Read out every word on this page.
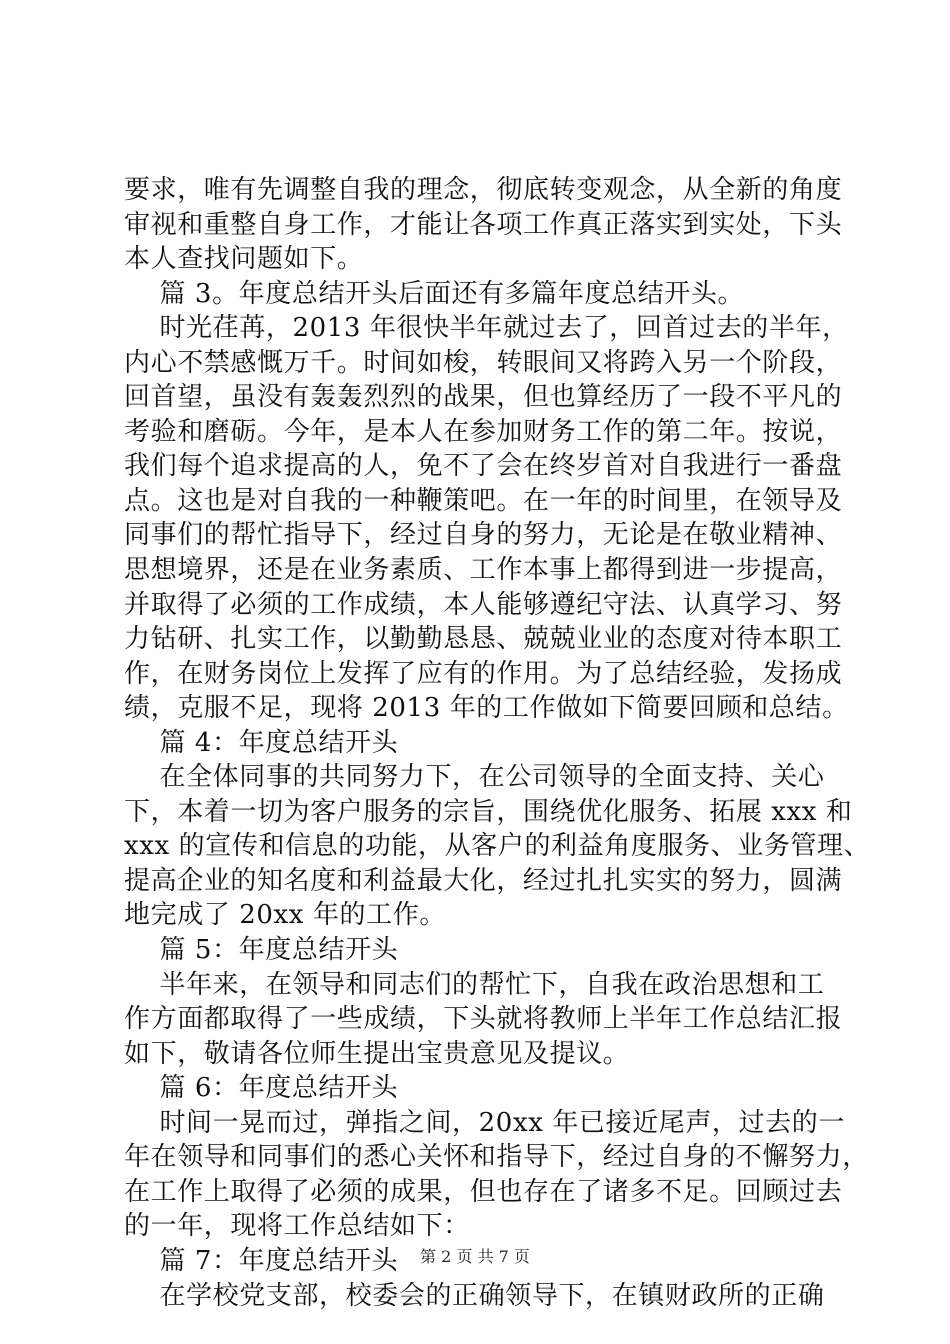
要求，唯有先调整自我的理念，彻底转变观念，从全新的角度
审视和重整自身工作，才能让各项工作真正落实到实处，下头
本人查找问题如下。
篇 3。年度总结开头后面还有多篇年度总结开头。
时光荏苒，2013 年很快半年就过去了，回首过去的半年，
内心不禁感慨万千。时间如梭，转眼间又将跨入另一个阶段，
回首望，虽没有轰轰烈烈的战果，但也算经历了一段不平凡的
考验和磨砺。今年，是本人在参加财务工作的第二年。按说，
我们每个追求提高的人，免不了会在终岁首对自我进行一番盘
点。这也是对自我的一种鞭策吧。在一年的时间里，在领导及
同事们的帮忙指导下，经过自身的努力，无论是在敬业精神、
思想境界，还是在业务素质、工作本事上都得到进一步提高，
并取得了必须的工作成绩，本人能够遵纪守法、认真学习、努
力钻研、扎实工作，以勤勤恳恳、兢兢业业的态度对待本职工
作，在财务岗位上发挥了应有的作用。为了总结经验，发扬成
绩，克服不足，现将 2013 年的工作做如下简要回顾和总结。
篇 4：年度总结开头
在全体同事的共同努力下，在公司领导的全面支持、关心
下，本着一切为客户服务的宗旨，围绕优化服务、拓展 xxx 和
xxx 的宣传和信息的功能，从客户的利益角度服务、业务管理、
提高企业的知名度和利益最大化，经过扎扎实实的努力，圆满
地完成了 20xx 年的工作。
篇 5：年度总结开头
半年来，在领导和同志们的帮忙下，自我在政治思想和工
作方面都取得了一些成绩，下头就将教师上半年工作总结汇报
如下，敬请各位师生提出宝贵意见及提议。
篇 6：年度总结开头
时间一晃而过，弹指之间，20xx 年已接近尾声，过去的一
年在领导和同事们的悉心关怀和指导下，经过自身的不懈努力，
在工作上取得了必须的成果，但也存在了诸多不足。回顾过去
的一年，现将工作总结如下：
篇 7：年度总结开头
在学校党支部，校委会的正确领导下，在镇财政所的正确
第 2 页 共 7 页
